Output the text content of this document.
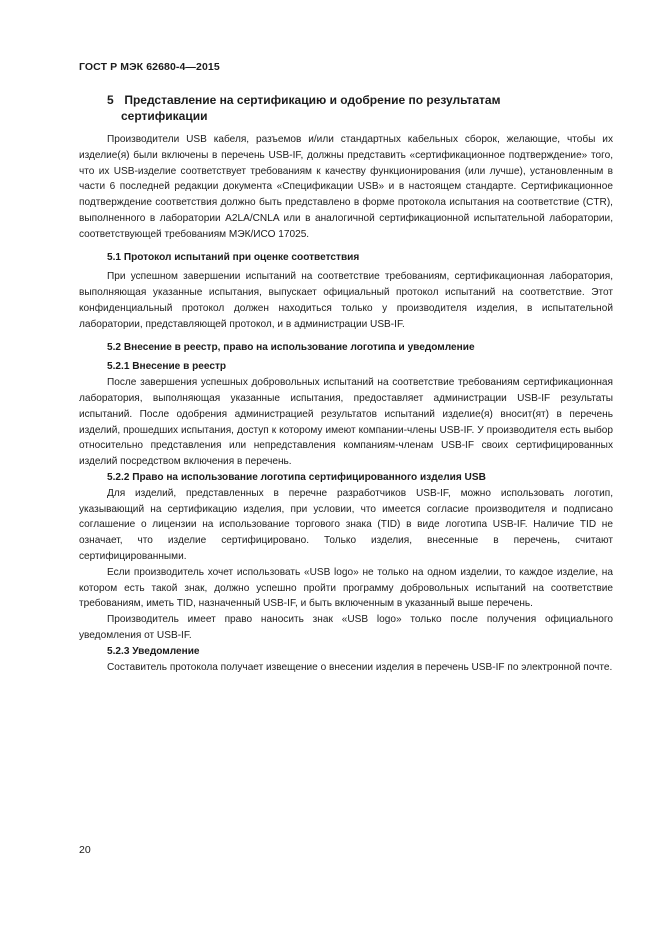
ГОСТ Р МЭК 62680-4—2015
5 Представление на сертификацию и одобрение по результатам
сертификации

Производители USB кабеля, разъемов и/или стандартных кабельных сборок, желающие, чтобы их изделие(я) были включены в перечень USB-IF, должны представить «сертификационное подтверждение» того, что их USB-изделие соответствует требованиям к качеству функционирования (или лучше), установленным в части 6 последней редакции документа «Спецификации USB» и в настоящем стандарте. Сертификационное подтверждение соответствия должно быть представлено в форме протокола испытания на соответствие (CTR), выполненного в лаборатории A2LA/CNLA или в аналогичной сертификационной испытательной лаборатории, соответствующей требованиям МЭК/ИСО 17025.

5.1 Протокол испытаний при оценке соответствия

При успешном завершении испытаний на соответствие требованиям, сертификационная лаборатория, выполняющая указанные испытания, выпускает официальный протокол испытаний на соответствие. Этот конфиденциальный протокол должен находиться только у производителя изделия, в испытательной лаборатории, представляющей протокол, и в администрации USB-IF.

5.2 Внесение в реестр, право на использование логотипа и уведомление
5.2.1 Внесение в реестр

После завершения успешных добровольных испытаний на соответствие требованиям сертификационная лаборатория, выполняющая указанные испытания, предоставляет администрации USB-IF результаты испытаний. После одобрения администрацией результатов испытаний изделие(я) вносит(ят) в перечень изделий, прошедших испытания, доступ к которому имеют компании-члены USB-IF. У производителя есть выбор относительно представления или непредставления компаниям-членам USB-IF своих сертифицированных изделий посредством включения в перечень.

5.2.2 Право на использование логотипа сертифицированного изделия USB

Для изделий, представленных в перечне разработчиков USB-IF, можно использовать логотип, указывающий на сертификацию изделия, при условии, что имеется согласие производителя и подписано соглашение о лицензии на использование торгового знака (TID) в виде логотипа USB-IF. Наличие TID не означает, что изделие сертифицировано. Только изделия, внесенные в перечень, считают сертифицированными.

Если производитель хочет использовать «USB logo» не только на одном изделии, то каждое изделие, на котором есть такой знак, должно успешно пройти программу добровольных испытаний на соответствие требованиям, иметь TID, назначенный USB-IF, и быть включенным в указанный выше перечень.

Производитель имеет право наносить знак «USB logo» только после получения официального уведомления от USB-IF.

5.2.3 Уведомление

Составитель протокола получает извещение о внесении изделия в перечень USB-IF по электронной почте.

20
